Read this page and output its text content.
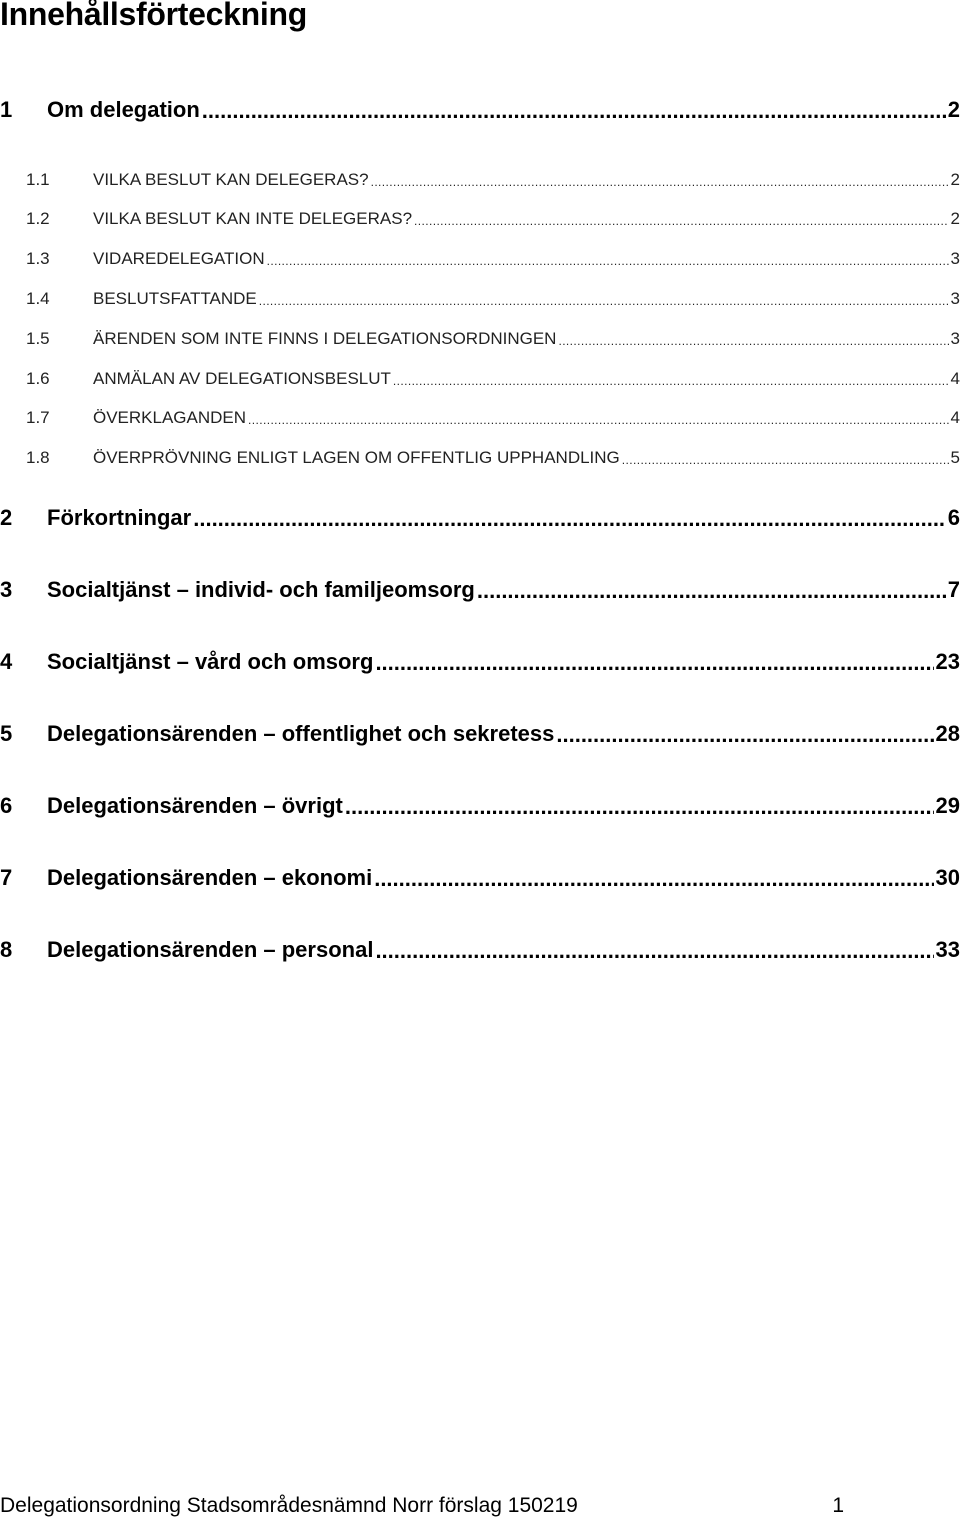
Innehållsförteckning
1	Om delegation .....	2
1.1	VILKA BESLUT KAN DELEGERAS? .....	2
1.2	VILKA BESLUT KAN INTE DELEGERAS? .....	2
1.3	VIDAREDELEGATION .....	3
1.4	BESLUTSFATTANDE .....	3
1.5	ÄRENDEN SOM INTE FINNS I DELEGATIONSORDNINGEN .....	3
1.6	ANMÄLAN AV DELEGATIONSBESLUT .....	4
1.7	ÖVERKLAGANDEN .....	4
1.8	ÖVERPRÖVNING ENLIGT LAGEN OM OFFENTLIG UPPHANDLING .....	5
2	Förkortningar .....	6
3	Socialtjänst – individ- och familjeomsorg .....	7
4	Socialtjänst – vård och omsorg .....	23
5	Delegationsärenden – offentlighet och sekretess .....	28
6	Delegationsärenden – övrigt .....	29
7	Delegationsärenden – ekonomi .....	30
8	Delegationsärenden – personal .....	33
Delegationsordning Stadsområdesnämnd Norr förslag 150219	1
